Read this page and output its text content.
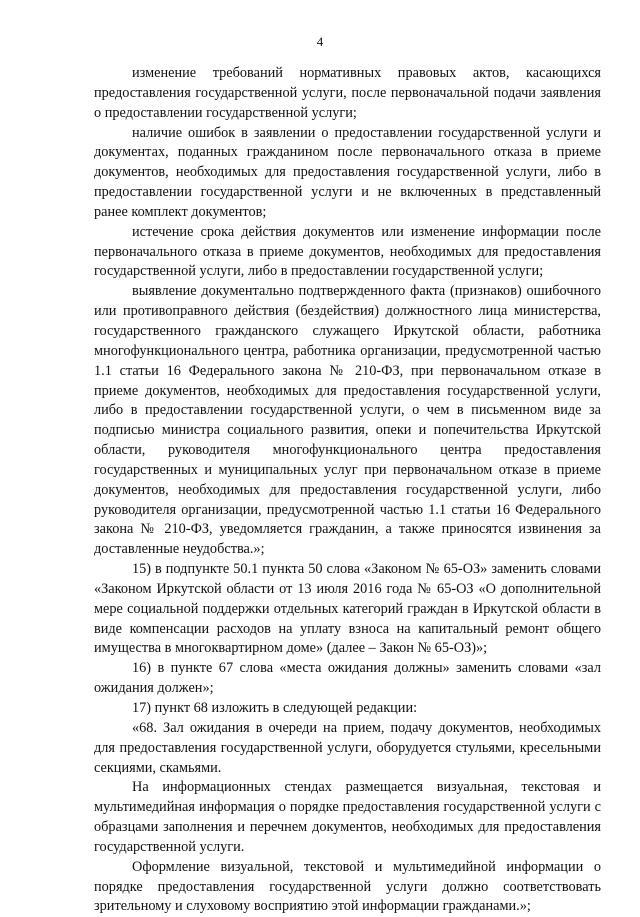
4

изменение требований нормативных правовых актов, касающихся предоставления государственной услуги, после первоначальной подачи заявления о предоставлении государственной услуги;

наличие ошибок в заявлении о предоставлении государственной услуги и документах, поданных гражданином после первоначального отказа в приеме документов, необходимых для предоставления государственной услуги, либо в предоставлении государственной услуги и не включенных в представленный ранее комплект документов;

истечение срока действия документов или изменение информации после первоначального отказа в приеме документов, необходимых для предоставления государственной услуги, либо в предоставлении государственной услуги;

выявление документально подтвержденного факта (признаков) ошибочного или противоправного действия (бездействия) должностного лица министерства, государственного гражданского служащего Иркутской области, работника многофункционального центра, работника организации, предусмотренной частью 1.1 статьи 16 Федерального закона № 210-ФЗ, при первоначальном отказе в приеме документов, необходимых для предоставления государственной услуги, либо в предоставлении государственной услуги, о чем в письменном виде за подписью министра социального развития, опеки и попечительства Иркутской области, руководителя многофункционального центра предоставления государственных и муниципальных услуг при первоначальном отказе в приеме документов, необходимых для предоставления государственной услуги, либо руководителя организации, предусмотренной частью 1.1 статьи 16 Федерального закона № 210-ФЗ, уведомляется гражданин, а также приносятся извинения за доставленные неудобства.»;

15) в подпункте 50.1 пункта 50 слова «Законом № 65-ОЗ» заменить словами «Законом Иркутской области от 13 июля 2016 года № 65-ОЗ «О дополнительной мере социальной поддержки отдельных категорий граждан в Иркутской области в виде компенсации расходов на уплату взноса на капитальный ремонт общего имущества в многоквартирном доме» (далее – Закон № 65-ОЗ)»;

16) в пункте 67 слова «места ожидания должны» заменить словами «зал ожидания должен»;

17) пункт 68 изложить в следующей редакции:

«68. Зал ожидания в очереди на прием, подачу документов, необходимых для предоставления государственной услуги, оборудуется стульями, кресельными секциями, скамьями.

На информационных стендах размещается визуальная, текстовая и мультимедийная информация о порядке предоставления государственной услуги с образцами заполнения и перечнем документов, необходимых для предоставления государственной услуги.

Оформление визуальной, текстовой и мультимедийной информации о порядке предоставления государственной услуги должно соответствовать зрительному и слуховому восприятию этой информации гражданами.»;
